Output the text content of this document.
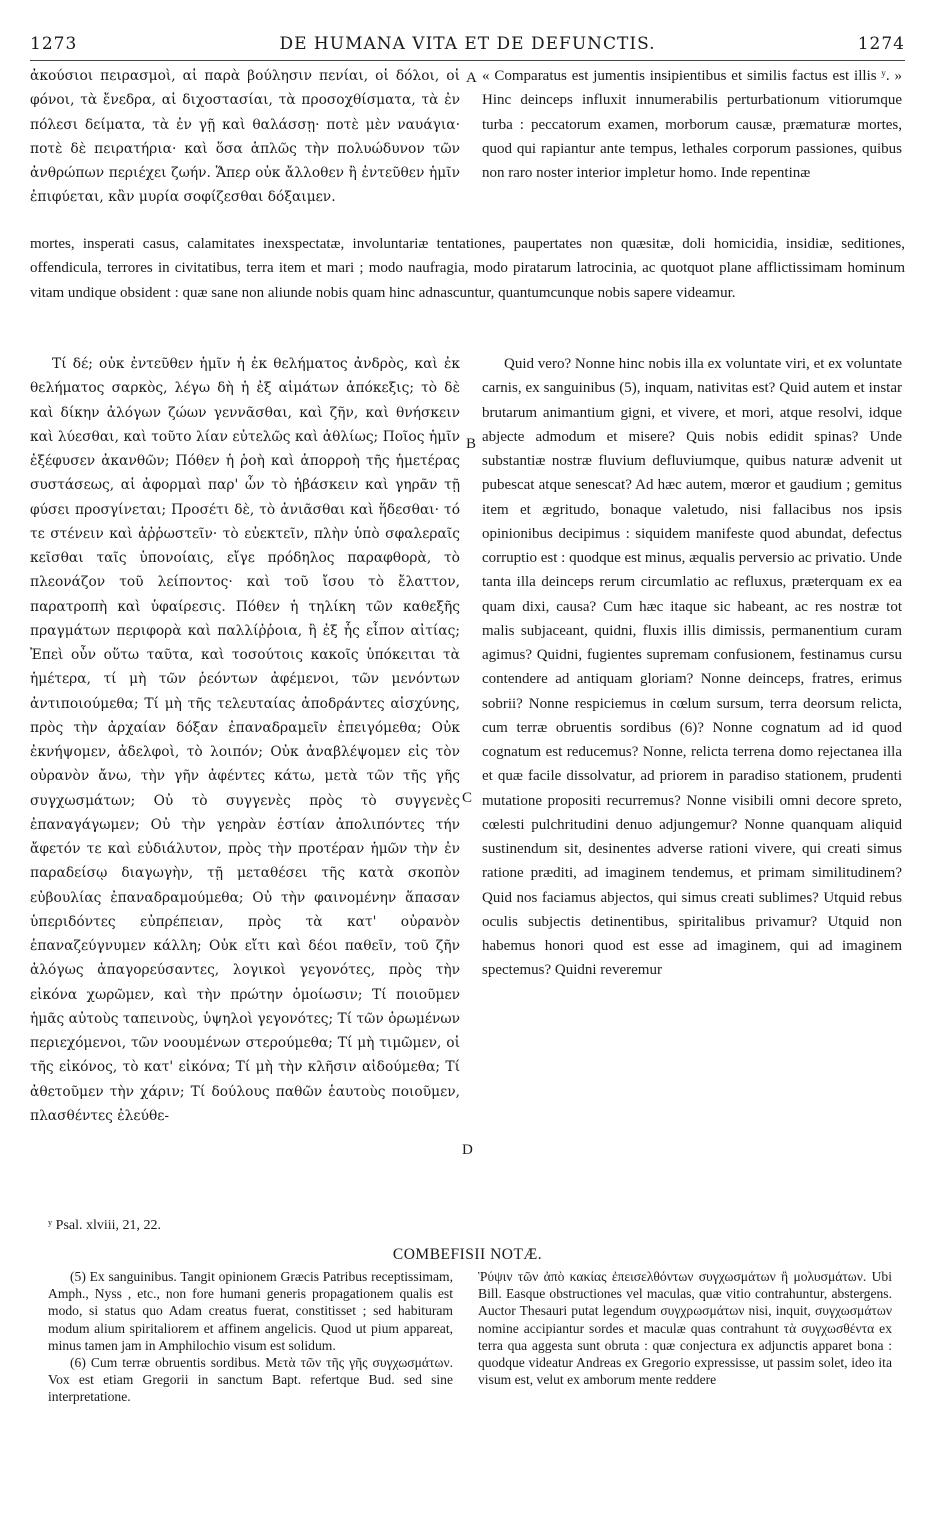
1273	DE HUMANA VITA ET DE DEFUNCTIS.	1274
ἀκούσιοι πειρασμοὶ, αἱ παρὰ βούλησιν πενίαι, οἱ δόλοι, οἱ φόνοι, τὰ ἔνεδρα, αἱ διχοστασίαι, τὰ προσοχθίσματα, τὰ ἐν πόλεσι δείματα, τὰ ἐν γῇ καὶ θαλάσσῃ· ποτὲ μὲν ναυάγια· ποτὲ δὲ πειρατήρια· καὶ ὅσα ἁπλῶς τὴν πολυώδυνον τῶν ἀνθρώπων περιέχει ζωήν. Ἅπερ οὐκ ἄλλοθεν ἢ ἐντεῦθεν ἡμῖν ἐπιφύεται, κἂν μυρία σοφίζεσθαι δόξαιμεν.
A « Comparatus est jumentis insipientibus et similis factus est illis ʸ. » Hinc deinceps influxit innumerabilis perturbationum vitiorumque turba : peccatorum examen, morborum causæ, præmaturæ mortes, quod qui rapiantur ante tempus, lethales corporum passiones, quibus non raro noster interior impletur homo. Inde repentinæ
mortes, insperati casus, calamitates inexspectatæ, involuntariæ tentationes, paupertates non quæsitæ, doli homicidia, insidiæ, seditiones, offendicula, terrores in civitatibus, terra item et mari ; modo naufragia, modo piratarum latrocinia, ac quotquot plane afflictissimam hominum vitam undique obsident : quæ sane non aliunde nobis quam hinc adnascuntur, quantumcunque nobis sapere videamur.
Τί δέ; οὐκ ἐντεῦθεν ἡμῖν ἡ ἐκ θελήματος ἀνδρὸς, καὶ ἐκ θελήματος σαρκὸς, λέγω δὴ ἡ ἐξ αἱμάτων ἀπόκεξις; τὸ δὲ καὶ δίκην ἀλόγων ζώων γεννᾶσθαι, καὶ ζῆν, καὶ θνήσκειν καὶ λύεσθαι, καὶ τοῦτο λίαν εὐτελῶς καὶ ἀθλίως; Ποῖος ἡμῖν ἐξέφυσεν ἀκανθῶν; Πόθεν ἡ ῥοὴ καὶ ἀπορροὴ τῆς ἡμετέρας συστάσεως, αἱ ἀφορμαὶ παρ' ὧν τὸ ἡβάσκειν καὶ γηρᾶν τῇ φύσει προσγίνεται; Προσέτι δὲ, τὸ ἀνιᾶσθαι καὶ ἥδεσθαι· τό τε στένειν καὶ ἀῤῥωστεῖν· τὸ εὐεκτεῖν, πλὴν ὑπὸ σφαλεραῖς κεῖσθαι ταῖς ὑπονοίαις, εἴγε πρόδηλος παραφθορὰ, τὸ πλεονάζον τοῦ λείποντος· καὶ τοῦ ἴσου τὸ ἔλαττον, παρατροπὴ καὶ ὑφαίρεσις. Πόθεν ἡ τηλίκη τῶν καθεξῆς πραγμάτων περιφορὰ καὶ παλλίῤῥοια, ἢ ἐξ ἧς εἶπον αἰτίας; Ἐπεὶ οὖν οὕτω ταῦτα, καὶ τοσούτοις κακοῖς ὑπόκειται τὰ ἡμέτερα, τί μὴ τῶν ῥεόντων ἀφέμενοι, τῶν μενόντων ἀντιποιούμεθα; Τί μὴ τῆς τελευταίας ἀποδράντες αἰσχύνης, πρὸς τὴν ἀρχαίαν δόξαν ἐπαναδραμεῖν ἐπειγόμεθα; Οὐκ ἐκνήψομεν, ἀδελφοὶ, τὸ λοιπόν; Οὐκ ἀναβλέψομεν εἰς τὸν οὐρανὸν ἄνω, τὴν γῆν ἀφέντες κάτω, μετὰ τῶν τῆς γῆς συγχωσμάτων; Οὐ τὸ συγγενὲς πρὸς τὸ συγγενὲς ἐπαναγάγωμεν; Οὐ τὴν γεηρὰν ἑστίαν ἀπολιπόντες τήν ἄφετόν τε καὶ εὐδιάλυτον, πρὸς τὴν προτέραν ἡμῶν τὴν ἐν παραδείσῳ διαγωγὴν, τῇ μεταθέσει τῆς κατὰ σκοπὸν εὐβουλίας ἐπαναδραμούμεθα; Οὐ τὴν φαινομένην ἅπασαν ὑπεριδόντες εὐπρέπειαν, πρὸς τὰ κατ' οὐρανὸν ἐπαναζεύγνυμεν κάλλη; Οὐκ εἴτι καὶ δέοι παθεῖν, τοῦ ζῆν ἀλόγως ἀπαγορεύσαντες, λογικοὶ γεγονότες, πρὸς τὴν εἰκόνα χωρῶμεν, καὶ τὴν πρώτην ὁμοίωσιν; Τί ποιοῦμεν ἡμᾶς αὐτοὺς ταπεινοὺς, ὑψηλοὶ γεγονότες; Τί τῶν ὁρωμένων περιεχόμενοι, τῶν νοουμένων στερούμεθα; Τί μὴ τιμῶμεν, οἱ τῆς εἰκόνος, τὸ κατ' εἰκόνα; Τί μὴ τὴν κλῆσιν αἰδούμεθα; Τί ἀθετοῦμεν τὴν χάριν; Τί δούλους παθῶν ἑαυτοὺς ποιοῦμεν, πλασθέντες ἐλεύθε-
B
C
D
Quid vero? Nonne hinc nobis illa ex voluntate viri, et ex voluntate carnis, ex sanguinibus (5), inquam, nativitas est? Quid autem et instar brutarum animantium gigni, et vivere, et mori, atque resolvi, idque abjecte admodum et misere? Quis nobis edidit spinas? Unde substantiæ nostræ fluvium defluviumque, quibus naturæ advenit ut pubescat atque senescat? Ad hæc autem, mœror et gaudium ; gemitus item et ægritudo, bonaque valetudo, nisi fallacibus nos ipsis opinionibus decipimus : siquidem manifeste quod abundat, defectus corruptio est : quodque est minus, æqualis perversio ac privatio. Unde tanta illa deinceps rerum circumlatio ac refluxus, præterquam ex ea quam dixi, causa? Cum hæc itaque sic habeant, ac res nostræ tot malis subjaceant, quidni, fluxis illis dimissis, permanentium curam agimus? Quidni, fugientes supremam confusionem, festinamus cursu contendere ad antiquam gloriam? Nonne deinceps, fratres, erimus sobrii? Nonne respiciemus in cœlum sursum, terra deorsum relicta, cum terræ obruentis sordibus (6)? Nonne cognatum ad id quod cognatum est reducemus? Nonne, relicta terrena domo rejectanea illa et quæ facile dissolvatur, ad priorem in paradiso stationem, prudenti mutatione propositi recurremus? Nonne visibili omni decore spreto, cœlesti pulchritudini denuo adjungemur? Nonne quanquam aliquid sustinendum sit, desinentes adverse rationi vivere, qui creati simus ratione præditi, ad imaginem tendemus, et primam similitudinem? Quid nos faciamus abjectos, qui simus creati sublimes? Utquid rebus oculis subjectis detinentibus, spiritalibus privamur? Utquid non habemus honori quod est esse ad imaginem, qui ad imaginem spectemus? Quidni reveremur
ʸ Psal. xlviii, 21, 22.
COMBEFISII NOTÆ.

(5) Ex sanguinibus. Tangit opinionem Græcis Patribus receptissimam, Amph., Nyss , etc., non fore humani generis propagationem qualis est modo, si status quo Adam creatus fuerat, constitisset ; sed habituram modum alium spiritaliorem et affinem angelicis. Quod ut pium appareat, minus tamen jam in Amphilochio visum est solidum.

(6) Cum terræ obruentis sordibus. Μετὰ τῶν τῆς γῆς συγχωσμάτων. Vox est etiam Gregorii in sanctum Bapt. refertque Bud. sed sine interpretatione.

Ῥύψιν τῶν ἀπὸ κακίας ἐπεισελθόντων συγχωσμάτων ἢ μολυσμάτων. Ubi Bill. Easque obstructiones vel maculas, quæ vitio contrahuntur, abstergens. Auctor Thesauri putat legendum συγχρωσμάτων nisi, inquit, συγχωσμάτων nomine accipiantur sordes et maculæ quas contrahunt τὰ συγχωσθέντα ex terra qua aggesta sunt obruta : quæ conjectura ex adjunctis apparet bona : quodque videatur Andreas ex Gregorio expressisse, ut passim solet, ideo ita visum est, velut ex amborum mente reddere
